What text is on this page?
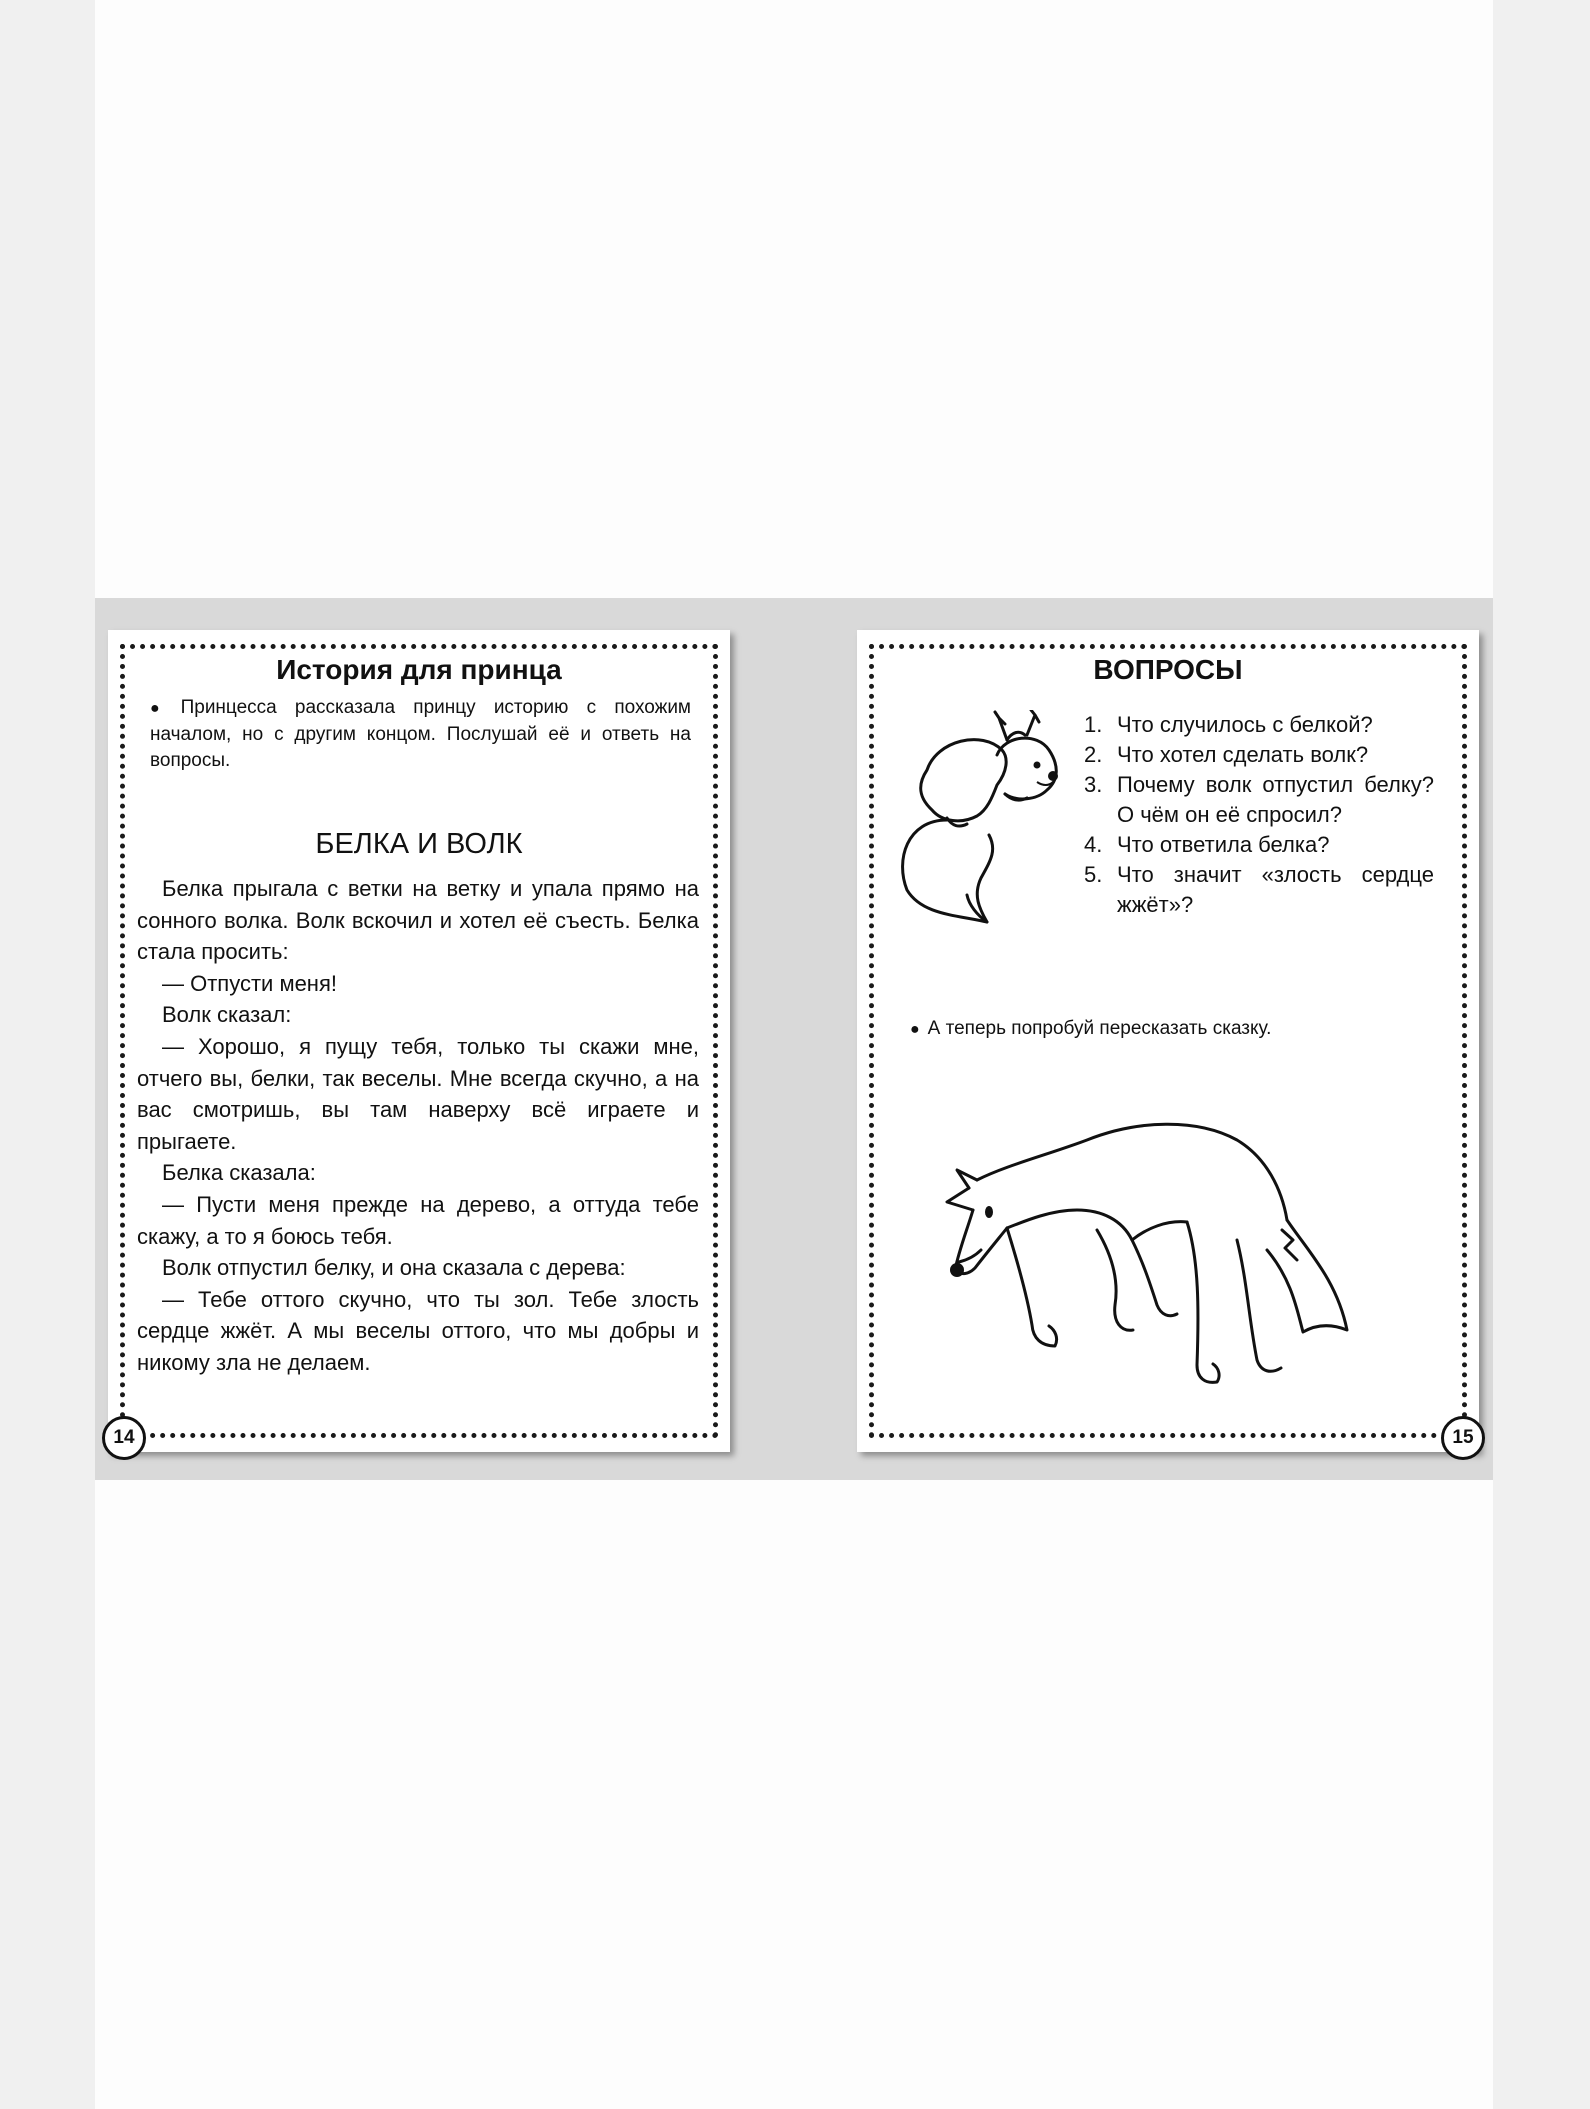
История для принца
● Принцесса рассказала принцу историю с похожим началом, но с другим концом. Послушай её и ответь на вопросы.
БЕЛКА И ВОЛК

Белка прыгала с ветки на ветку и упала прямо на сонного волка. Волк вскочил и хотел её съесть. Белка стала просить:

— Отпусти меня!

Волк сказал:

— Хорошо, я пущу тебя, только ты скажи мне, отчего вы, белки, так веселы. Мне всегда скучно, а на вас смотришь, вы там наверху всё играете и прыгаете.

Белка сказала:

— Пусти меня прежде на дерево, а оттуда тебе скажу, а то я боюсь тебя.

Волк отпустил белку, и она сказала с дерева:

— Тебе оттого скучно, что ты зол. Тебе злость сердце жжёт. А мы веселы оттого, что мы добры и никому зла не делаем.

14
ВОПРОСЫ
1. Что случилось с белкой?
2. Что хотел сделать волк?
3. Почему волк отпустил белку? О чём он её спросил?
4. Что ответила белка?
5. Что значит «злость сердце жжёт»?
● А теперь попробуй пересказать сказку.
15
